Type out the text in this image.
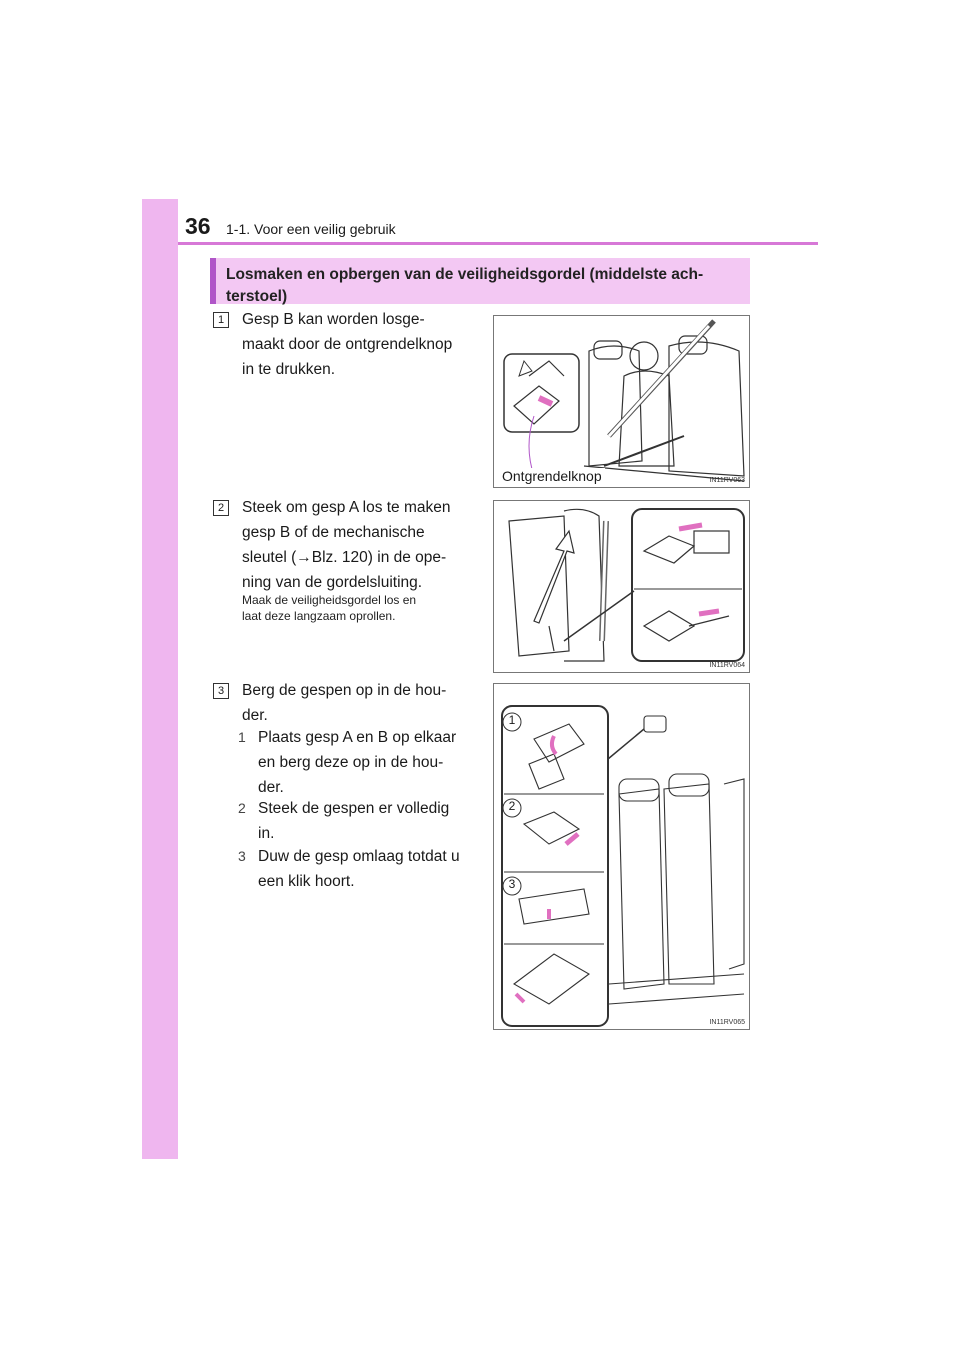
36 1-1. Voor een veilig gebruik
Losmaken en opbergen van de veiligheidsgordel (middelste ach-terstoel)
1	Gesp B kan worden losge-
maakt door de ontgrendelknop
in te drukken.
Ontgrendelknop	IN11RV063
2	Steek om gesp A los te maken
gesp B of de mechanische
sleutel (→Blz. 120) in de ope-
ning van de gordelsluiting.
Maak de veiligheidsgordel los en
laat deze langzaam oprollen.
IN11RV064
3	Berg de gespen op in de hou-
der.
1 Plaats gesp A en B op elkaar
en berg deze op in de hou-
der.
2 Steek de gespen er volledig
in.
3 Duw de gesp omlaag totdat u
een klik hoort.
1
2
3
IN11RV065
